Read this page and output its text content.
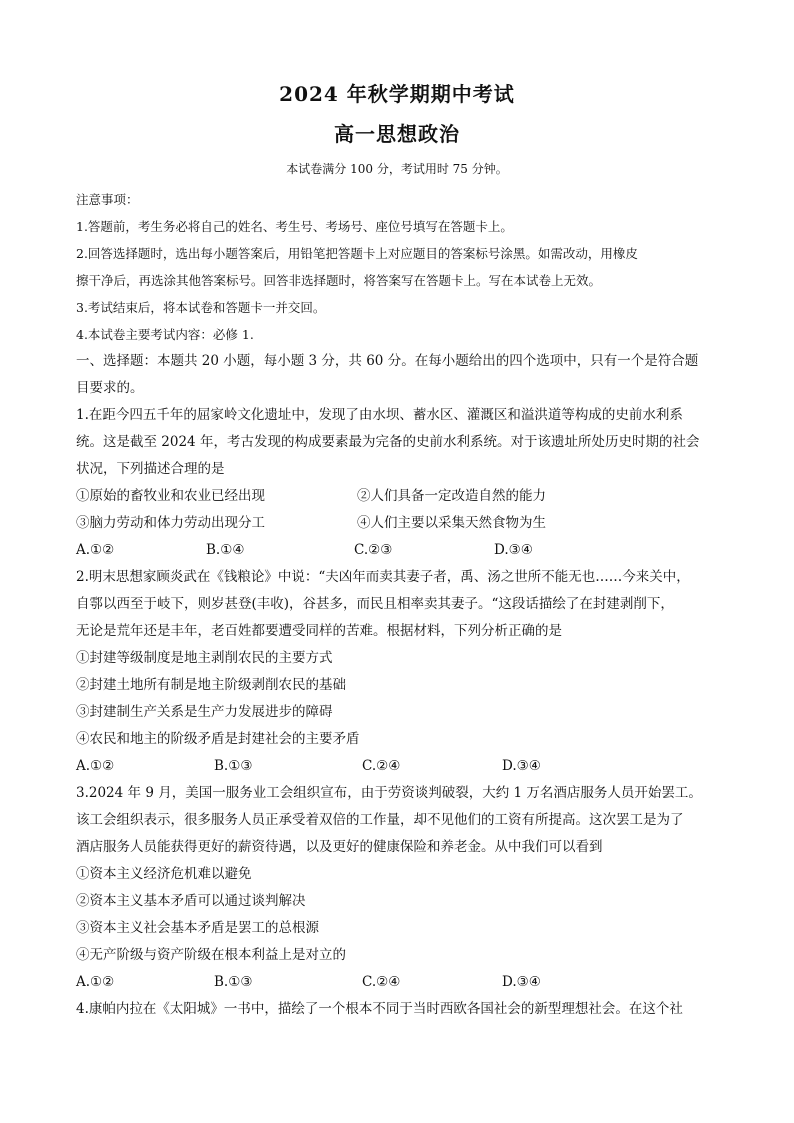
2024 年秋学期期中考试
高一思想政治
本试卷满分 100 分，考试用时 75 分钟。
注意事项：
1.答题前，考生务必将自己的姓名、考生号、考场号、座位号填写在答题卡上。
2.回答选择题时，选出每小题答案后，用铅笔把答题卡上对应题目的答案标号涂黑。如需改动，用橡皮
擦干净后，再选涂其他答案标号。回答非选择题时，将答案写在答题卡上。写在本试卷上无效。
3.考试结束后，将本试卷和答题卡一并交回。
4.本试卷主要考试内容：必修 1.
一、选择题：本题共 20 小题，每小题 3 分，共 60 分。在每小题给出的四个选项中，只有一个是符合题
目要求的。
1.在距今四五千年的屈家岭文化遗址中，发现了由水坝、蓄水区、灌溉区和溢洪道等构成的史前水利系
统。这是截至 2024 年，考古发现的构成要素最为完备的史前水利系统。对于该遗址所处历史时期的社会
状况，下列描述合理的是
①原始的畜牧业和农业已经出现	②人们具备一定改造自然的能力
③脑力劳动和体力劳动出现分工	④人们主要以采集天然食物为生
A.①②	B.①④	C.②③	D.③④
2.明末思想家顾炎武在《钱粮论》中说：“夫凶年而卖其妻子者，禹、汤之世所不能无也……今来关中，
自鄠以西至于岐下，则岁甚登(丰收)，谷甚多，而民且相率卖其妻子。“这段话描绘了在封建剥削下，
无论是荒年还是丰年，老百姓都要遭受同样的苦难。根据材料，下列分析正确的是
①封建等级制度是地主剥削农民的主要方式
②封建土地所有制是地主阶级剥削农民的基础
③封建制生产关系是生产力发展进步的障碍
④农民和地主的阶级矛盾是封建社会的主要矛盾
A.①②	B.①③	C.②④	D.③④
3.2024 年 9 月，美国一服务业工会组织宣布，由于劳资谈判破裂，大约 1 万名酒店服务人员开始罢工。
该工会组织表示，很多服务人员正承受着双倍的工作量，却不见他们的工资有所提高。这次罢工是为了
酒店服务人员能获得更好的薪资待遇，以及更好的健康保险和养老金。从中我们可以看到
①资本主义经济危机难以避免
②资本主义基本矛盾可以通过谈判解决
③资本主义社会基本矛盾是罢工的总根源
④无产阶级与资产阶级在根本利益上是对立的
A.①②	B.①③	C.②④	D.③④
4.康帕内拉在《太阳城》一书中，描绘了一个根本不同于当时西欧各国社会的新型理想社会。在这个社
